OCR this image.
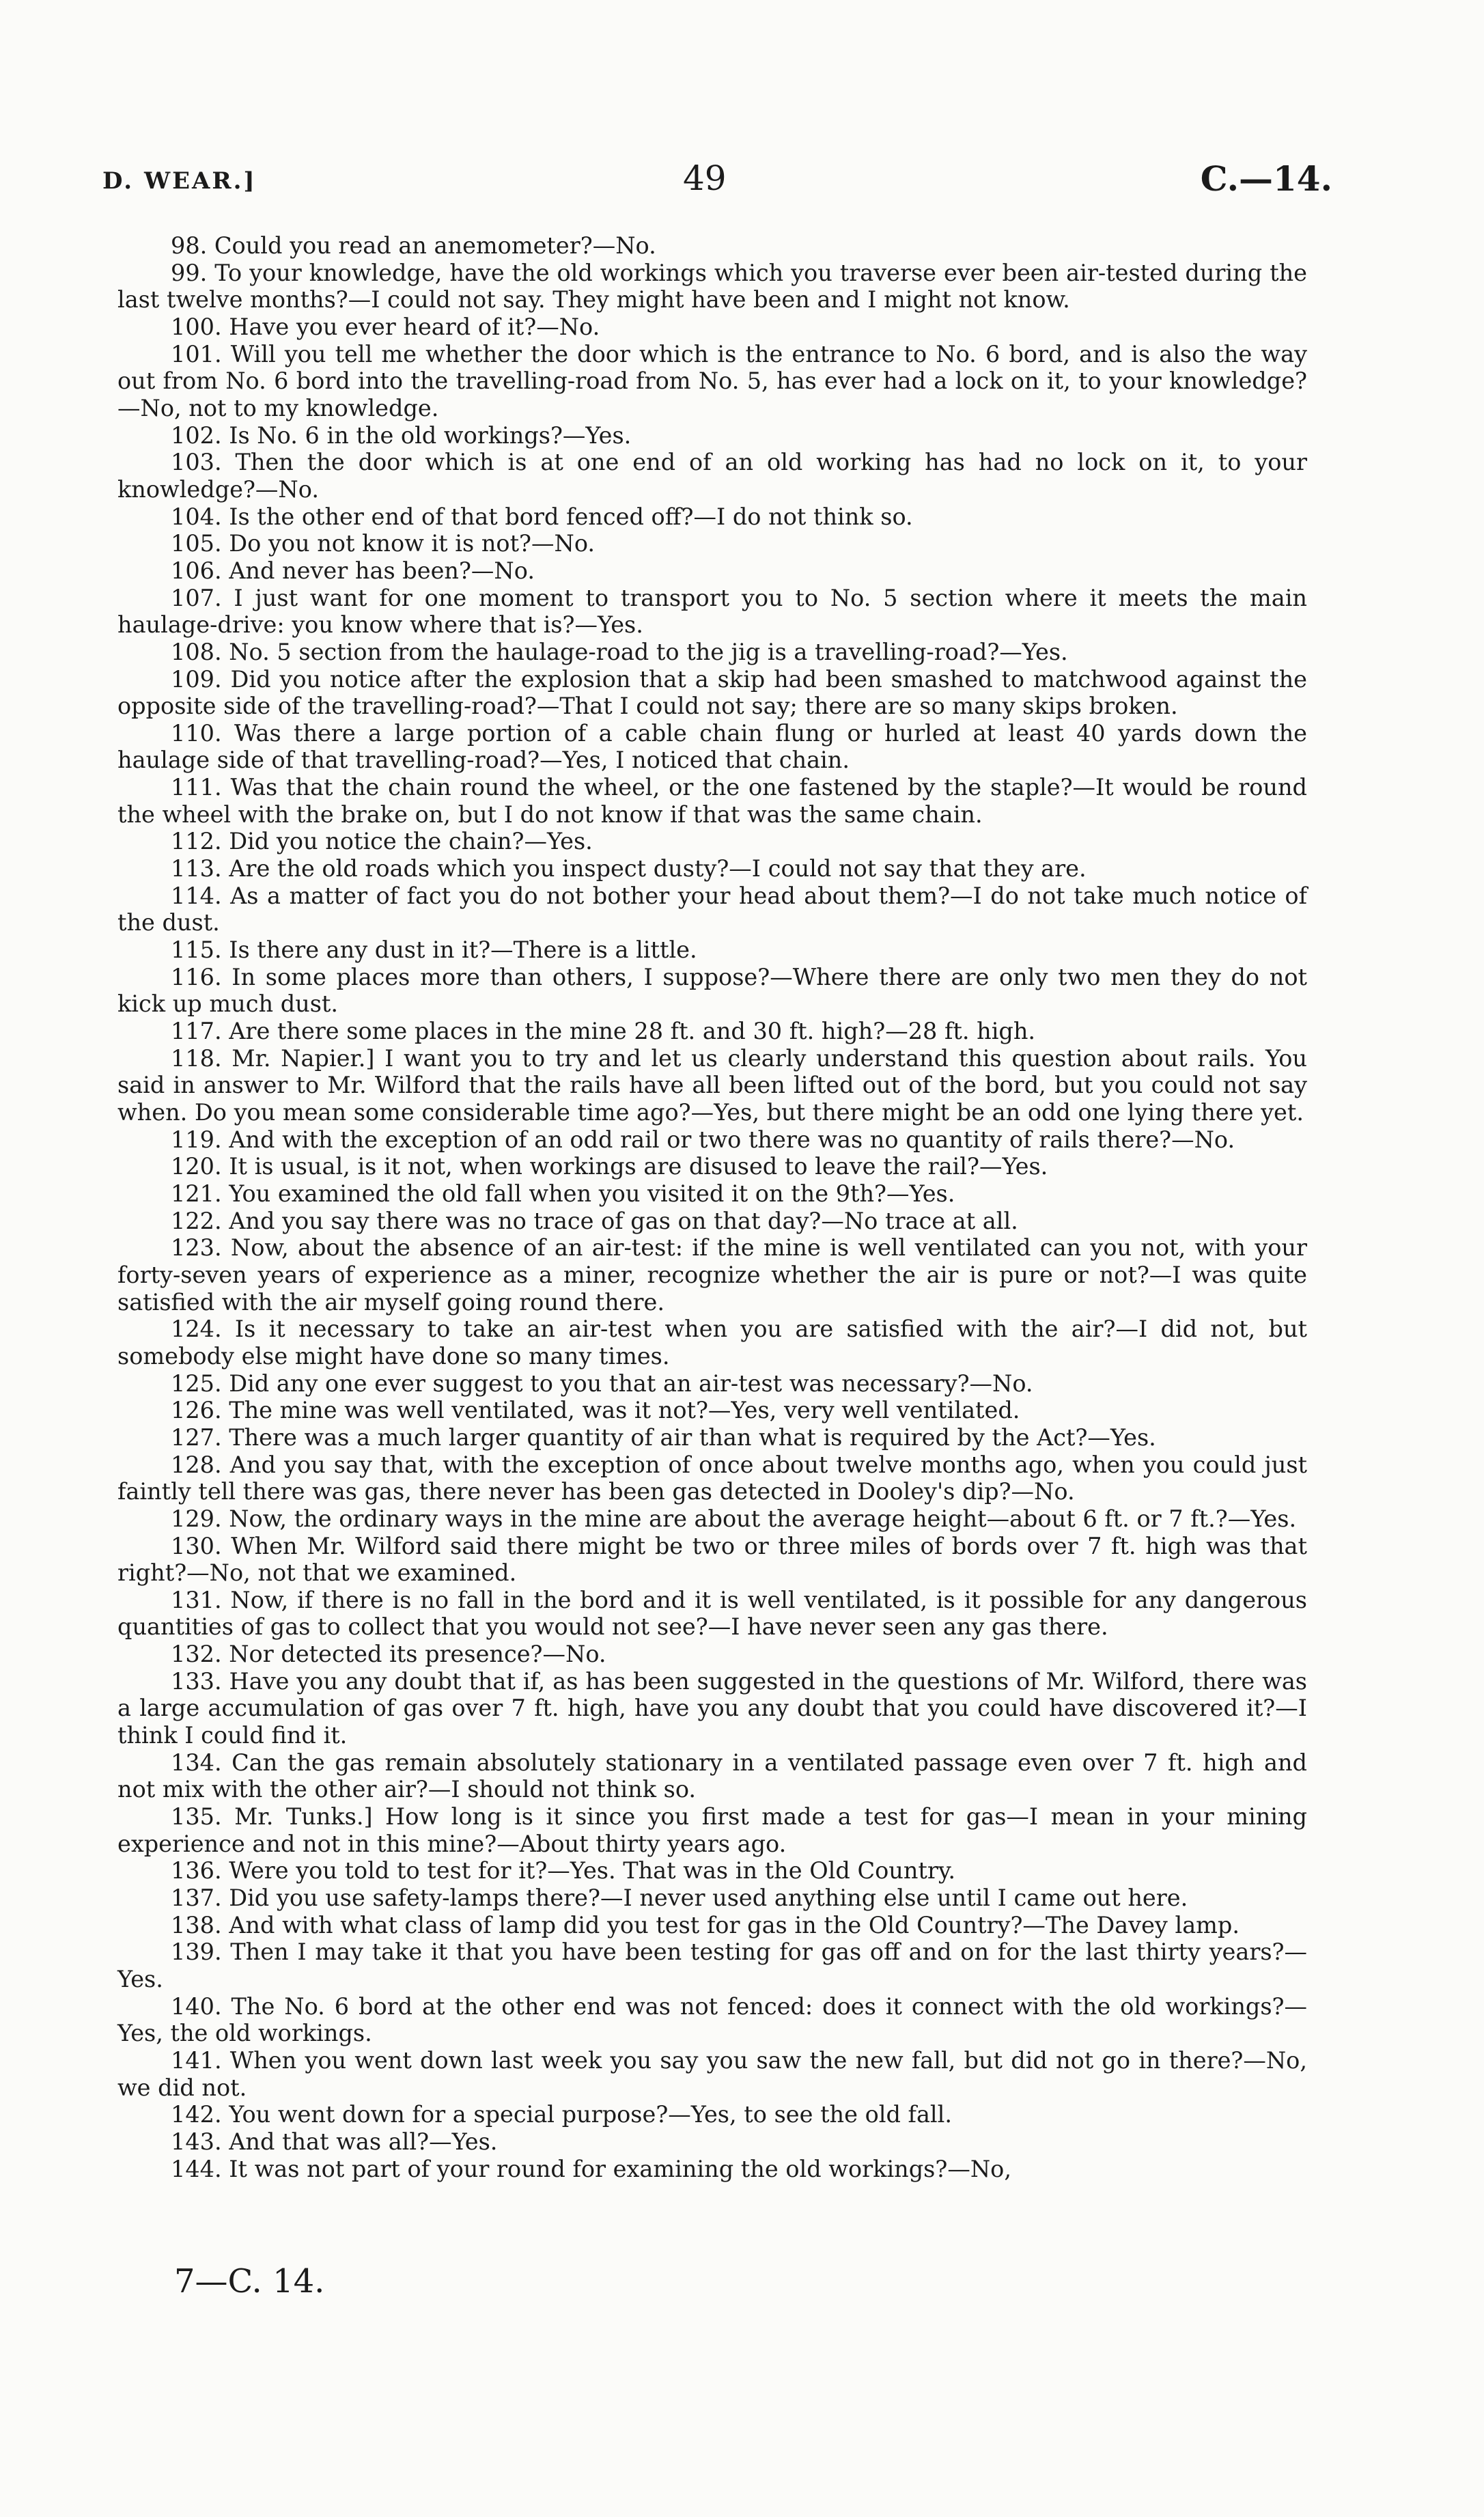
D. WEAR.]	49	C.—14.

98. Could you read an anemometer?—No.

99. To your knowledge, have the old workings which you traverse ever been air-tested during the last twelve months?—I could not say. They might have been and I might not know.

100. Have you ever heard of it?—No.

101. Will you tell me whether the door which is the entrance to No. 6 bord, and is also the way out from No. 6 bord into the travelling-road from No. 5, has ever had a lock on it, to your knowledge?—No, not to my knowledge.

102. Is No. 6 in the old workings?—Yes.

103. Then the door which is at one end of an old working has had no lock on it, to your knowledge?—No.

104. Is the other end of that bord fenced off?—I do not think so.

105. Do you not know it is not?—No.

106. And never has been?—No.

107. I just want for one moment to transport you to No. 5 section where it meets the main haulage-drive: you know where that is?—Yes.

108. No. 5 section from the haulage-road to the jig is a travelling-road?—Yes.

109. Did you notice after the explosion that a skip had been smashed to matchwood against the opposite side of the travelling-road?—That I could not say; there are so many skips broken.

110. Was there a large portion of a cable chain flung or hurled at least 40 yards down the haulage side of that travelling-road?—Yes, I noticed that chain.

111. Was that the chain round the wheel, or the one fastened by the staple?—It would be round the wheel with the brake on, but I do not know if that was the same chain.

112. Did you notice the chain?—Yes.

113. Are the old roads which you inspect dusty?—I could not say that they are.

114. As a matter of fact you do not bother your head about them?—I do not take much notice of the dust.

115. Is there any dust in it?—There is a little.

116. In some places more than others, I suppose?—Where there are only two men they do not kick up much dust.

117. Are there some places in the mine 28 ft. and 30 ft. high?—28 ft. high.

118. Mr. Napier.] I want you to try and let us clearly understand this question about rails. You said in answer to Mr. Wilford that the rails have all been lifted out of the bord, but you could not say when. Do you mean some considerable time ago?—Yes, but there might be an odd one lying there yet.

119. And with the exception of an odd rail or two there was no quantity of rails there?—No.

120. It is usual, is it not, when workings are disused to leave the rail?—Yes.

121. You examined the old fall when you visited it on the 9th?—Yes.

122. And you say there was no trace of gas on that day?—No trace at all.

123. Now, about the absence of an air-test: if the mine is well ventilated can you not, with your forty-seven years of experience as a miner, recognize whether the air is pure or not?—I was quite satisfied with the air myself going round there.

124. Is it necessary to take an air-test when you are satisfied with the air?—I did not, but somebody else might have done so many times.

125. Did any one ever suggest to you that an air-test was necessary?—No.

126. The mine was well ventilated, was it not?—Yes, very well ventilated.

127. There was a much larger quantity of air than what is required by the Act?—Yes.

128. And you say that, with the exception of once about twelve months ago, when you could just faintly tell there was gas, there never has been gas detected in Dooley's dip?—No.

129. Now, the ordinary ways in the mine are about the average height—about 6 ft. or 7 ft.?—Yes.

130. When Mr. Wilford said there might be two or three miles of bords over 7 ft. high was that right?—No, not that we examined.

131. Now, if there is no fall in the bord and it is well ventilated, is it possible for any dangerous quantities of gas to collect that you would not see?—I have never seen any gas there.

132. Nor detected its presence?—No.

133. Have you any doubt that if, as has been suggested in the questions of Mr. Wilford, there was a large accumulation of gas over 7 ft. high, have you any doubt that you could have discovered it?—I think I could find it.

134. Can the gas remain absolutely stationary in a ventilated passage even over 7 ft. high and not mix with the other air?—I should not think so.

135. Mr. Tunks.] How long is it since you first made a test for gas—I mean in your mining experience and not in this mine?—About thirty years ago.

136. Were you told to test for it?—Yes. That was in the Old Country.

137. Did you use safety-lamps there?—I never used anything else until I came out here.

138. And with what class of lamp did you test for gas in the Old Country?—The Davey lamp.

139. Then I may take it that you have been testing for gas off and on for the last thirty years?—Yes.

140. The No. 6 bord at the other end was not fenced: does it connect with the old workings?—Yes, the old workings.

141. When you went down last week you say you saw the new fall, but did not go in there?—No, we did not.

142. You went down for a special purpose?—Yes, to see the old fall.

143. And that was all?—Yes.

144. It was not part of your round for examining the old workings?—No,

7—C. 14.
